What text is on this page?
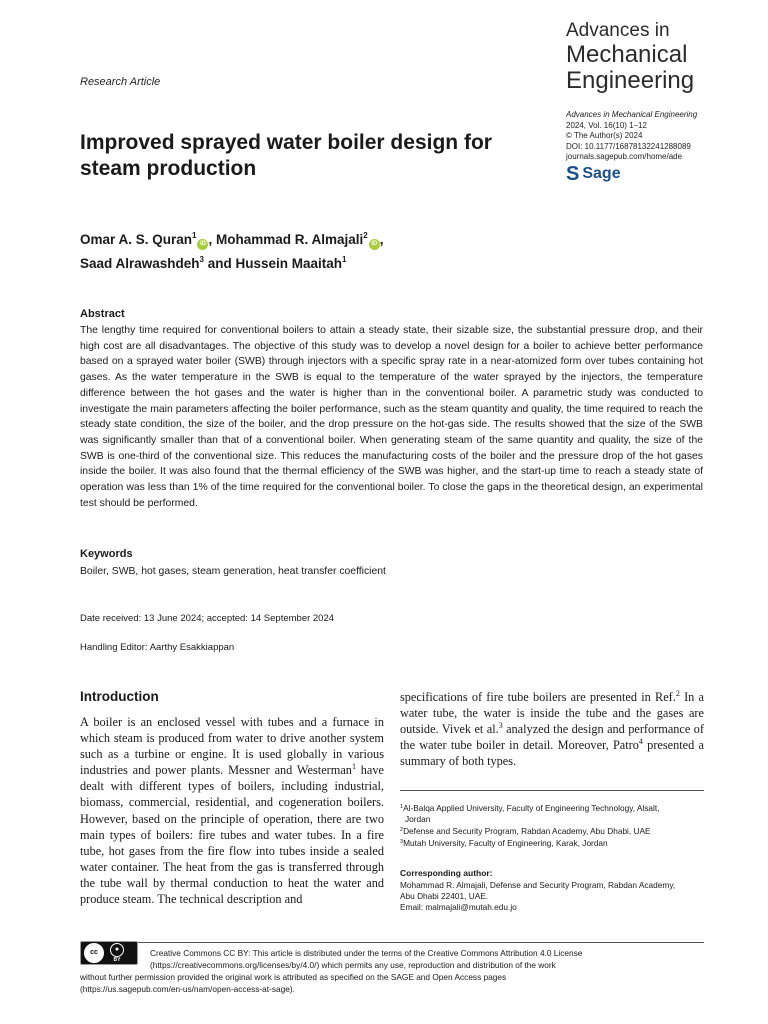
Advances in
Mechanical
Engineering
Advances in Mechanical Engineering
2024, Vol. 16(10) 1–12
© The Author(s) 2024
DOI: 10.1177/16878132241288089
journals.sagepub.com/home/ade
S Sage
Research Article
Improved sprayed water boiler design for steam production
Omar A. S. Quran$^1$iD , Mohammad R. Almajali$^2$iD ,
Saad Alrawashdeh$^3$ and Hussein Maaitah$^1$
Abstract
The lengthy time required for conventional boilers to attain a steady state, their sizable size, the substantial pressure drop, and their high cost are all disadvantages. The objective of this study was to develop a novel design for a boiler to achieve better performance based on a sprayed water boiler (SWB) through injectors with a specific spray rate in a near-atomized form over tubes containing hot gases. As the water temperature in the SWB is equal to the temperature of the water sprayed by the injectors, the temperature difference between the hot gases and the water is higher than in the conventional boiler. A parametric study was conducted to investigate the main parameters affecting the boiler performance, such as the steam quantity and quality, the time required to reach the steady state condition, the size of the boiler, and the drop pressure on the hot-gas side. The results showed that the size of the SWB was significantly smaller than that of a conventional boiler. When generating steam of the same quantity and quality, the size of the SWB is one-third of the conventional size. This reduces the manufacturing costs of the boiler and the pressure drop of the hot gases inside the boiler. It was also found that the thermal efficiency of the SWB was higher, and the start-up time to reach a steady state of operation was less than 1% of the time required for the conventional boiler. To close the gaps in the theoretical design, an experimental test should be performed.
Keywords
Boiler, SWB, hot gases, steam generation, heat transfer coefficient
Date received: 13 June 2024; accepted: 14 September 2024
Handling Editor: Aarthy Esakkiappan
Introduction
A boiler is an enclosed vessel with tubes and a furnace in which steam is produced from water to drive another system such as a turbine or engine. It is used globally in various industries and power plants. Messner and Westerman$^1$ have dealt with different types of boilers, including industrial, biomass, commercial, residential, and cogeneration boilers. However, based on the principle of operation, there are two main types of boilers: fire tubes and water tubes. In a fire tube, hot gases from the fire flow into tubes inside a sealed water container. The heat from the gas is transferred through the tube wall by thermal conduction to heat the water and produce steam. The technical description and
specifications of fire tube boilers are presented in Ref.$^2$ In a water tube, the water is inside the tube and the gases are outside. Vivek et al.$^3$ analyzed the design and performance of the water tube boiler in detail. Moreover, Patro$^4$ presented a summary of both types.
$^1$Al-Balqa Applied University, Faculty of Engineering Technology, Alsalt,
Jordan
$^2$Defense and Security Program, Rabdan Academy, Abu Dhabi, UAE
$^3$Mutah University, Faculty of Engineering, Karak, Jordan
Corresponding author:
Mohammad R. Almajali, Defense and Security Program, Rabdan Academy,
Abu Dhabi 22401, UAE.
Email: malmajali@mutah.edu.jo
cc	●
BY
Creative Commons CC BY: This article is distributed under the terms of the Creative Commons Attribution 4.0 License
(https://creativecommons.org/licenses/by/4.0/) which permits any use, reproduction and distribution of the work
without further permission provided the original work is attributed as specified on the SAGE and Open Access pages
(https://us.sagepub.com/en-us/nam/open-access-at-sage).
